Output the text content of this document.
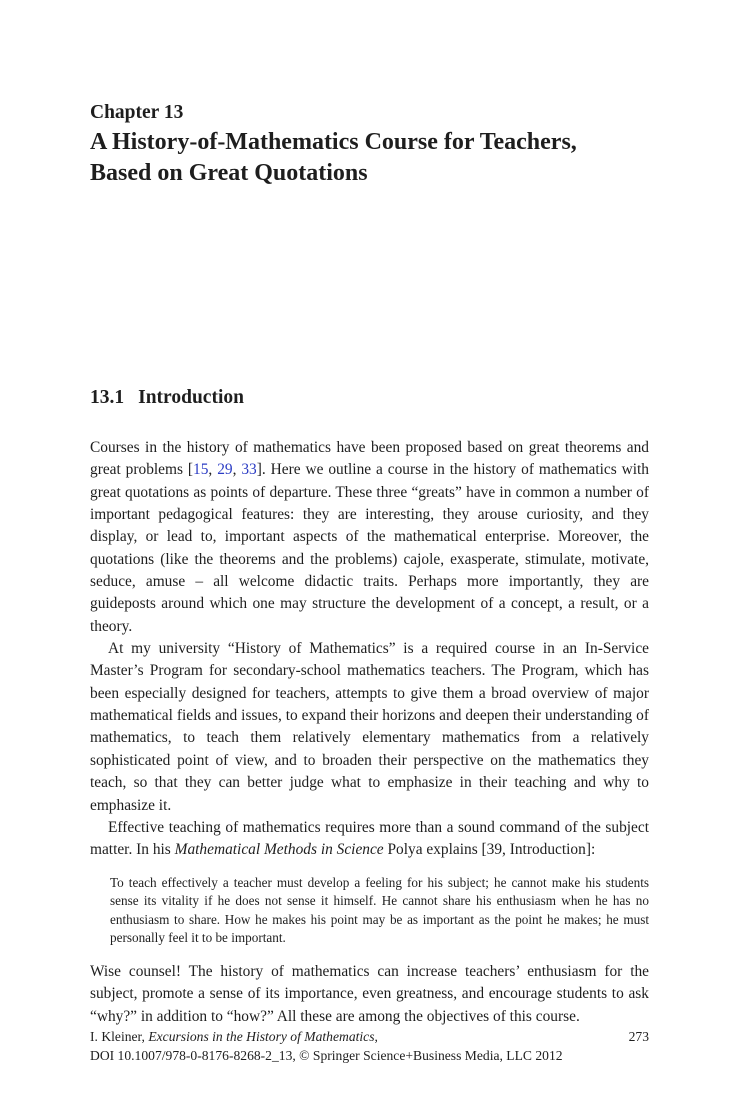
Chapter 13
A History-of-Mathematics Course for Teachers,
Based on Great Quotations
13.1 Introduction

Courses in the history of mathematics have been proposed based on great theorems and great problems [15, 29, 33]. Here we outline a course in the history of mathematics with great quotations as points of departure. These three “greats” have in common a number of important pedagogical features: they are interesting, they arouse curiosity, and they display, or lead to, important aspects of the mathematical enterprise. Moreover, the quotations (like the theorems and the problems) cajole, exasperate, stimulate, motivate, seduce, amuse – all welcome didactic traits. Perhaps more importantly, they are guideposts around which one may structure the development of a concept, a result, or a theory.

At my university “History of Mathematics” is a required course in an In-Service Master’s Program for secondary-school mathematics teachers. The Program, which has been especially designed for teachers, attempts to give them a broad overview of major mathematical fields and issues, to expand their horizons and deepen their understanding of mathematics, to teach them relatively elementary mathematics from a relatively sophisticated point of view, and to broaden their perspective on the mathematics they teach, so that they can better judge what to emphasize in their teaching and why to emphasize it.

Effective teaching of mathematics requires more than a sound command of the subject matter. In his Mathematical Methods in Science Polya explains [39, Introduction]:

To teach effectively a teacher must develop a feeling for his subject; he cannot make his students sense its vitality if he does not sense it himself. He cannot share his enthusiasm when he has no enthusiasm to share. How he makes his point may be as important as the point he makes; he must personally feel it to be important.

Wise counsel! The history of mathematics can increase teachers’ enthusiasm for the subject, promote a sense of its importance, even greatness, and encourage students to ask “why?” in addition to “how?” All these are among the objectives of this course.

I. Kleiner, Excursions in the History of Mathematics,	273
DOI 10.1007/978-0-8176-8268-2_13, © Springer Science+Business Media, LLC 2012
